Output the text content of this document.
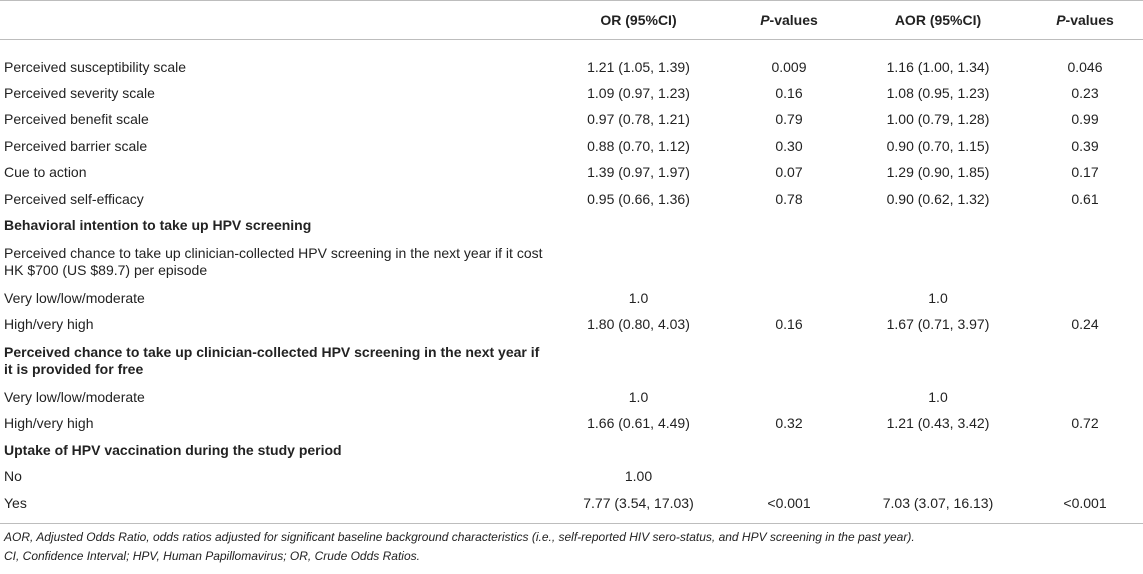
	OR (95%CI)	P-values	AOR (95%CI)	P-values
Perceived susceptibility scale	1.21 (1.05, 1.39)	0.009	1.16 (1.00, 1.34)	0.046
Perceived severity scale	1.09 (0.97, 1.23)	0.16	1.08 (0.95, 1.23)	0.23
Perceived benefit scale	0.97 (0.78, 1.21)	0.79	1.00 (0.79, 1.28)	0.99
Perceived barrier scale	0.88 (0.70, 1.12)	0.30	0.90 (0.70, 1.15)	0.39
Cue to action	1.39 (0.97, 1.97)	0.07	1.29 (0.90, 1.85)	0.17
Perceived self-efficacy	0.95 (0.66, 1.36)	0.78	0.90 (0.62, 1.32)	0.61
Behavioral intention to take up HPV screening				
Perceived chance to take up clinician-collected HPV screening in the next year if it cost HK $700 (US $89.7) per episode				
Very low/low/moderate	1.0		1.0	
High/very high	1.80 (0.80, 4.03)	0.16	1.67 (0.71, 3.97)	0.24
Perceived chance to take up clinician-collected HPV screening in the next year if it is provided for free				
Very low/low/moderate	1.0		1.0	
High/very high	1.66 (0.61, 4.49)	0.32	1.21 (0.43, 3.42)	0.72
Uptake of HPV vaccination during the study period				
No	1.00			
Yes	7.77 (3.54, 17.03)	<0.001	7.03 (3.07, 16.13)	<0.001

AOR, Adjusted Odds Ratio, odds ratios adjusted for significant baseline background characteristics (i.e., self-reported HIV sero-status, and HPV screening in the past year).

CI, Confidence Interval; HPV, Human Papillomavirus; OR, Crude Odds Ratios.
